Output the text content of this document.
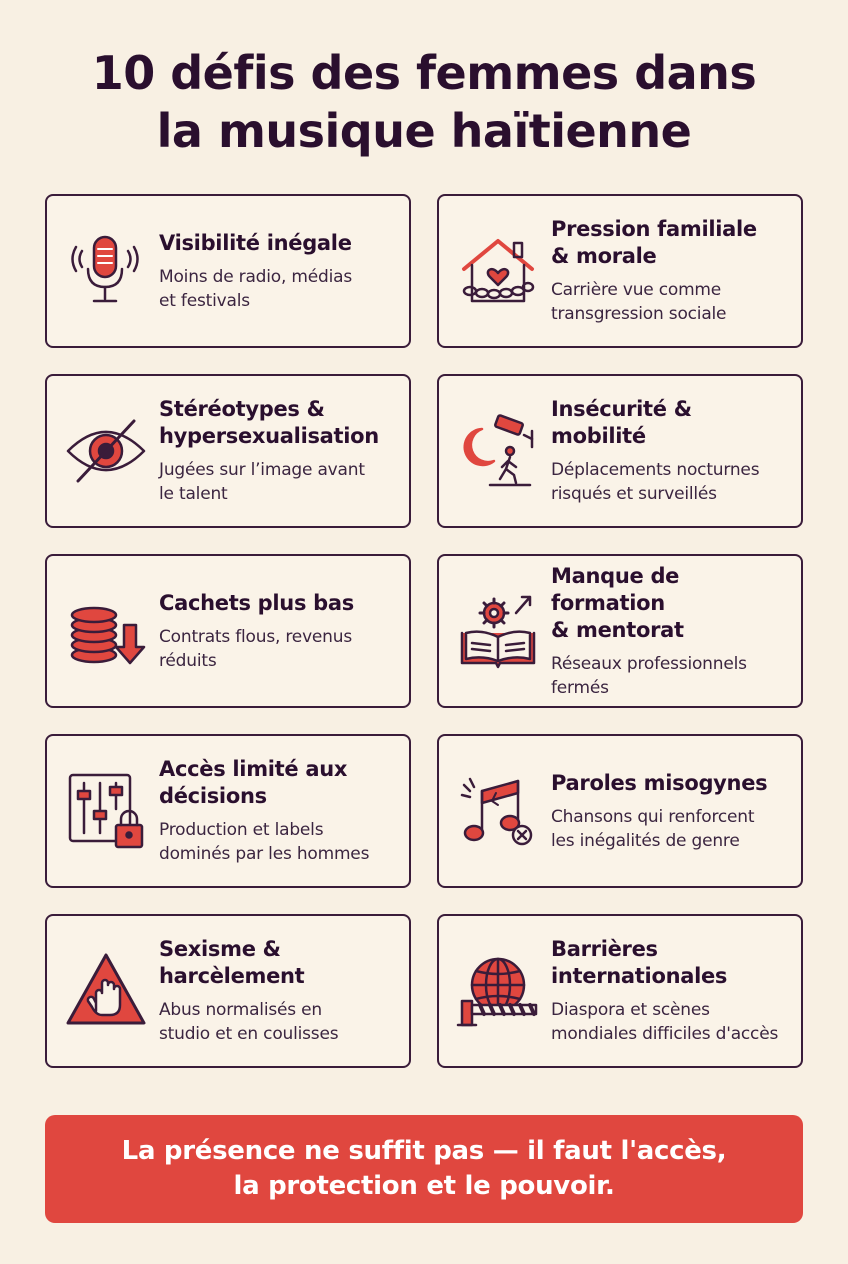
10 défis des femmes dans
la musique haïtienne
Visibilité inégale
Moins de radio, médias
et festivals
Pression familiale
& morale
Carrière vue comme
transgression sociale
Stéréotypes &
hypersexualisation
Jugées sur l’image avant
le talent
Insécurité &
mobilité
Déplacements nocturnes
risqués et surveillés
Cachets plus bas
Contrats flous, revenus
réduits
Manque de formation
& mentorat
Réseaux professionnels
fermés
Accès limité aux
décisions
Production et labels
dominés par les hommes
Paroles misogynes
Chansons qui renforcent
les inégalités de genre
Sexisme &
harcèlement
Abus normalisés en
studio et en coulisses
Barrières
internationales
Diaspora et scènes
mondiales difficiles d'accès
La présence ne suffit pas — il faut l'accès,
la protection et le pouvoir.
